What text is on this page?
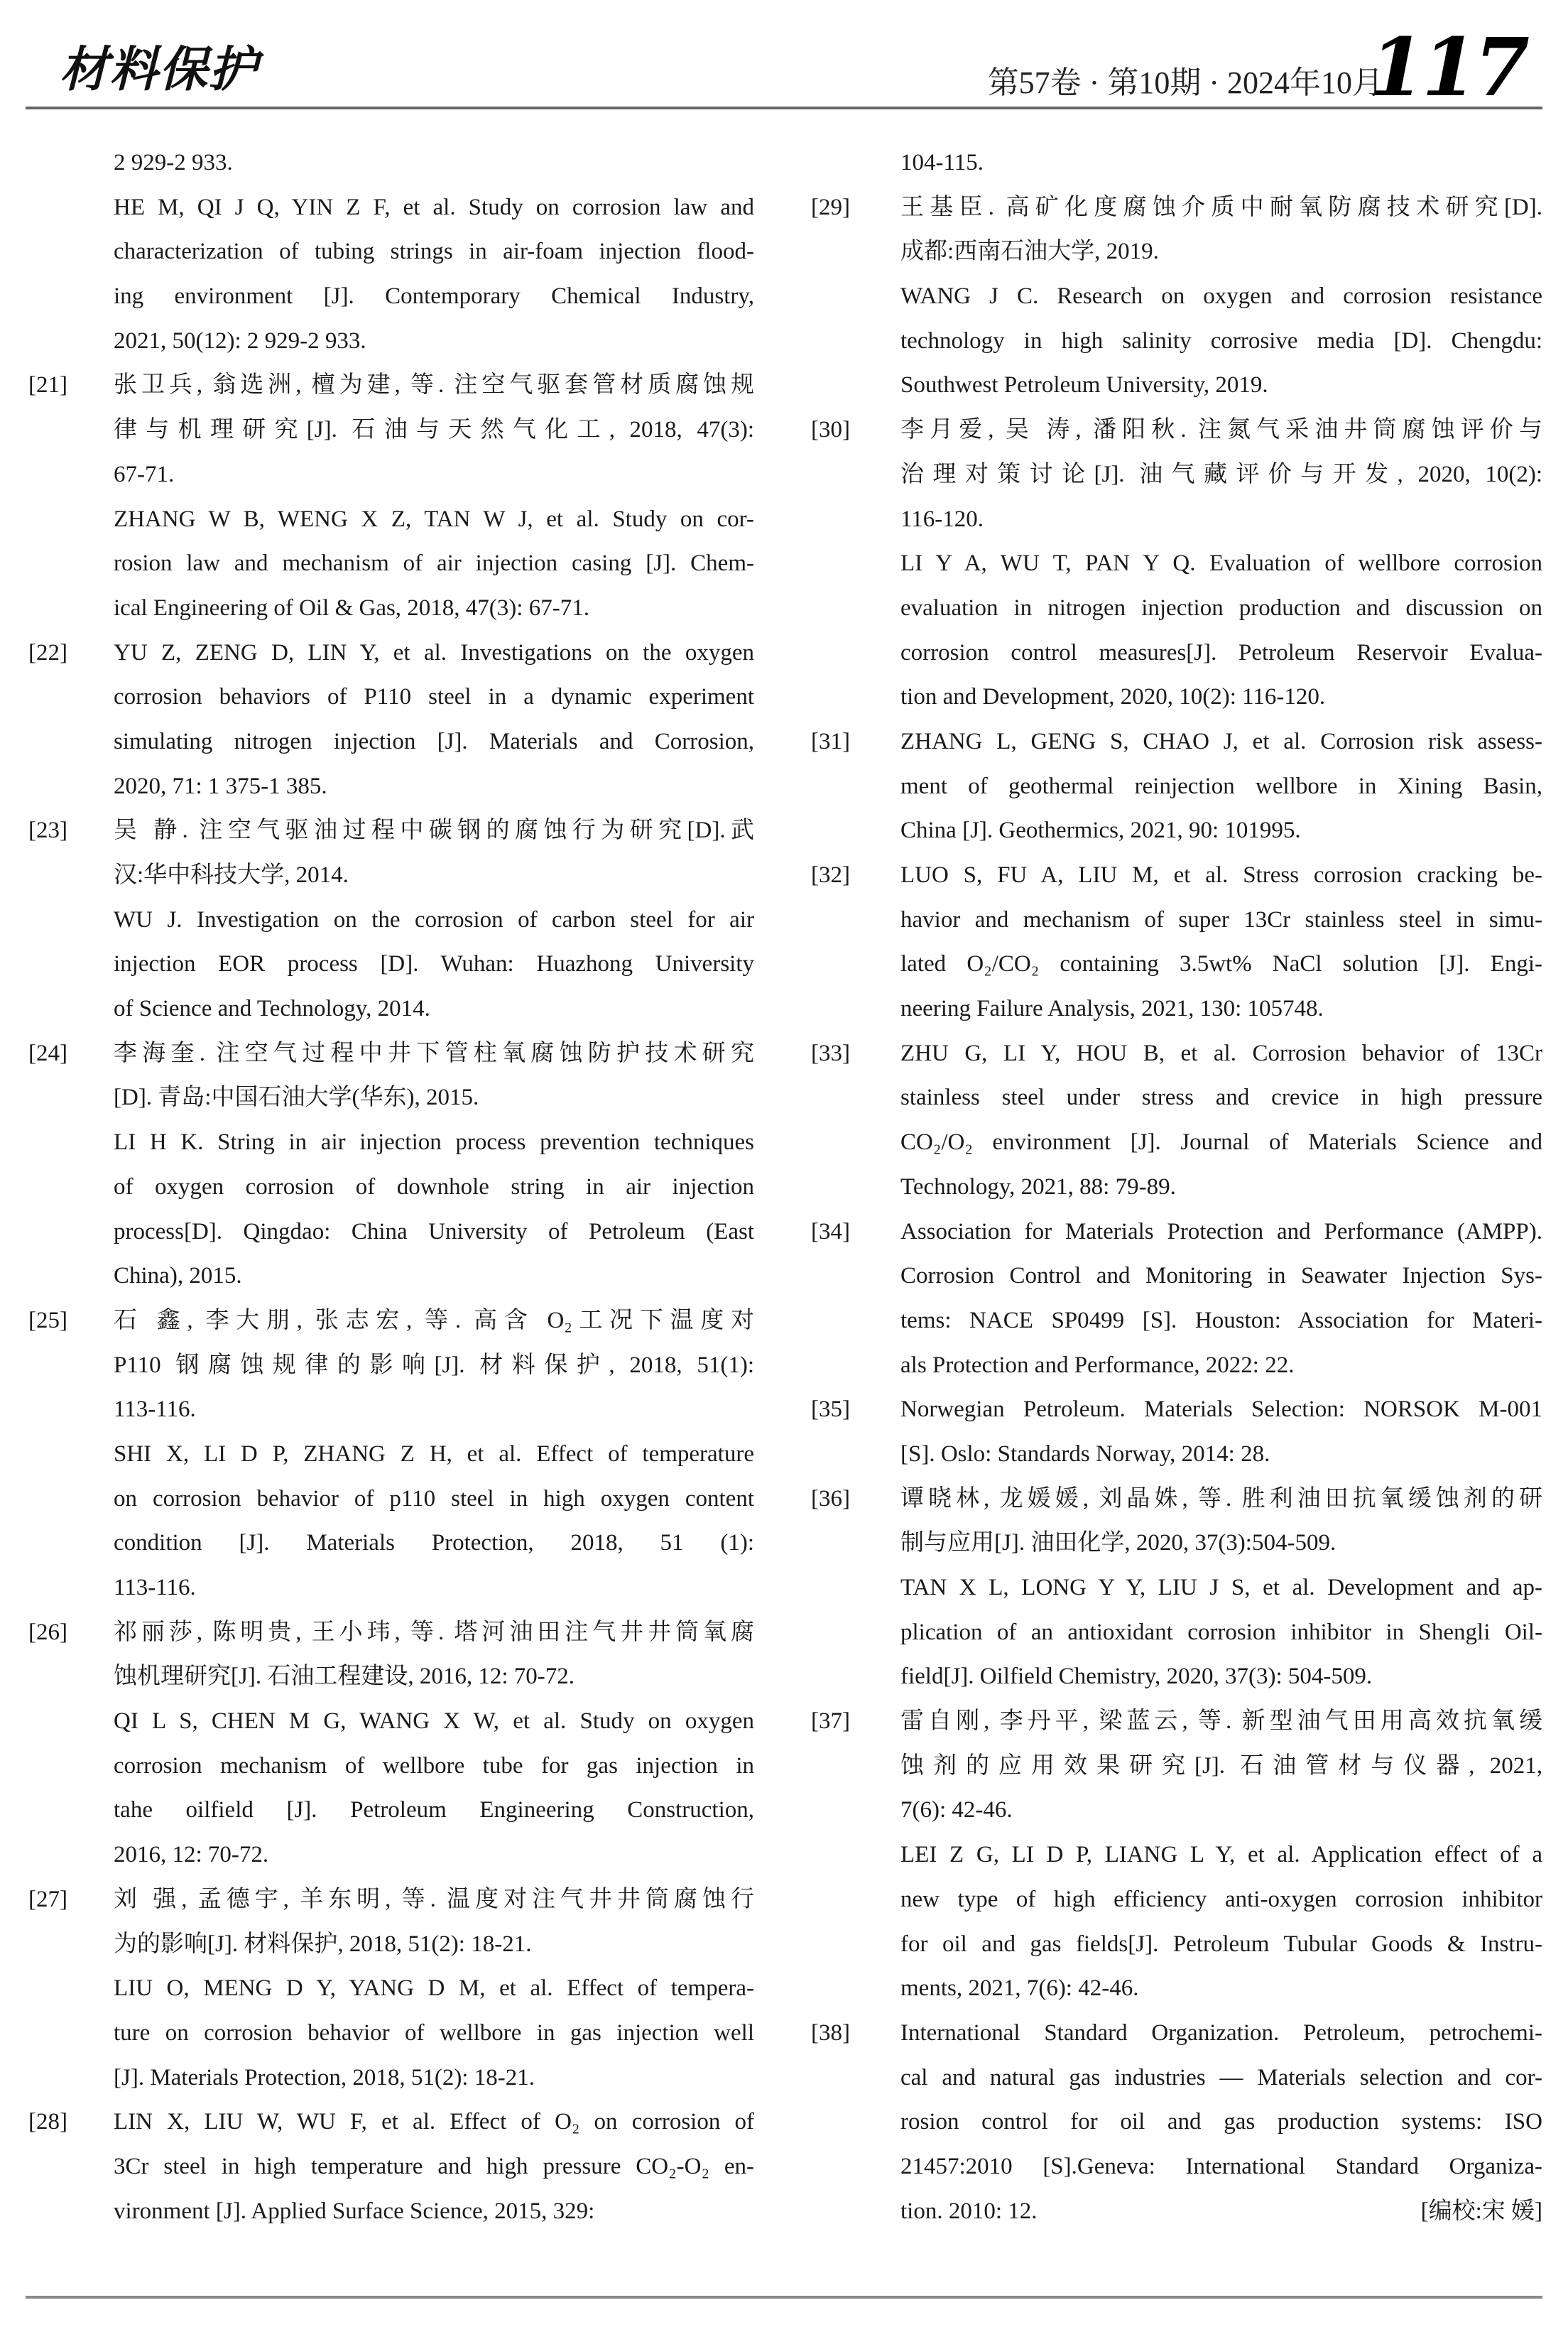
材料保护	第57卷 · 第10期 · 2024年10月
117
2 929-2 933.
HE M, QI J Q, YIN Z F, et al. Study on corrosion law and
characterization of tubing strings in air-foam injection flood-
ing environment [J]. Contemporary Chemical Industry,
2021, 50(12): 2 929-2 933.
[21]	张卫兵, 翁选洲, 檀为建, 等. 注空气驱套管材质腐蚀规
律与机理研究[J]. 石油与天然气化工, 2018, 47(3):
67-71.
ZHANG W B, WENG X Z, TAN W J, et al. Study on cor-
rosion law and mechanism of air injection casing [J]. Chem-
ical Engineering of Oil & Gas, 2018, 47(3): 67-71.
[22]	YU Z, ZENG D, LIN Y, et al. Investigations on the oxygen
corrosion behaviors of P110 steel in a dynamic experiment
simulating nitrogen injection [J]. Materials and Corrosion,
2020, 71: 1 375-1 385.
[23]	吴 静. 注空气驱油过程中碳钢的腐蚀行为研究[D].武
汉:华中科技大学, 2014.
WU J. Investigation on the corrosion of carbon steel for air
injection EOR process [D]. Wuhan: Huazhong University
of Science and Technology, 2014.
[24]	李海奎. 注空气过程中井下管柱氧腐蚀防护技术研究
[D]. 青岛:中国石油大学(华东), 2015.
LI H K. String in air injection process prevention techniques
of oxygen corrosion of downhole string in air injection
process[D]. Qingdao: China University of Petroleum (East
China), 2015.
[25]	石 鑫, 李大朋, 张志宏, 等. 高含 O₂工况下温度对
P110 钢腐蚀规律的影响[J]. 材料保护, 2018, 51(1):
113-116.
SHI X, LI D P, ZHANG Z H, et al. Effect of temperature
on corrosion behavior of p110 steel in high oxygen content
condition [J]. Materials Protection, 2018, 51 (1):
113-116.
[26]	祁丽莎, 陈明贵, 王小玮, 等. 塔河油田注气井井筒氧腐
蚀机理研究[J]. 石油工程建设, 2016, 12: 70-72.
QI L S, CHEN M G, WANG X W, et al. Study on oxygen
corrosion mechanism of wellbore tube for gas injection in
tahe oilfield [J]. Petroleum Engineering Construction,
2016, 12: 70-72.
[27]	刘 强, 孟德宇, 羊东明, 等. 温度对注气井井筒腐蚀行
为的影响[J]. 材料保护, 2018, 51(2): 18-21.
LIU O, MENG D Y, YANG D M, et al. Effect of tempera-
ture on corrosion behavior of wellbore in gas injection well
[J]. Materials Protection, 2018, 51(2): 18-21.
[28]	LIN X, LIU W, WU F, et al. Effect of O₂ on corrosion of
3Cr steel in high temperature and high pressure CO₂-O₂ en-
vironment [J]. Applied Surface Science, 2015, 329:
104-115.
[29]	王基臣. 高矿化度腐蚀介质中耐氧防腐技术研究[D].
成都:西南石油大学, 2019.
WANG J C. Research on oxygen and corrosion resistance
technology in high salinity corrosive media [D]. Chengdu:
Southwest Petroleum University, 2019.
[30]	李月爱, 吴 涛, 潘阳秋. 注氮气采油井筒腐蚀评价与
治理对策讨论[J]. 油气藏评价与开发, 2020, 10(2):
116-120.
LI Y A, WU T, PAN Y Q. Evaluation of wellbore corrosion
evaluation in nitrogen injection production and discussion on
corrosion control measures[J]. Petroleum Reservoir Evalua-
tion and Development, 2020, 10(2): 116-120.
[31]	ZHANG L, GENG S, CHAO J, et al. Corrosion risk assess-
ment of geothermal reinjection wellbore in Xining Basin,
China [J]. Geothermics, 2021, 90: 101995.
[32]	LUO S, FU A, LIU M, et al. Stress corrosion cracking be-
havior and mechanism of super 13Cr stainless steel in simu-
lated O₂/CO₂ containing 3.5wt% NaCl solution [J]. Engi-
neering Failure Analysis, 2021, 130: 105748.
[33]	ZHU G, LI Y, HOU B, et al. Corrosion behavior of 13Cr
stainless steel under stress and crevice in high pressure
CO₂/O₂ environment [J]. Journal of Materials Science and
Technology, 2021, 88: 79-89.
[34]	Association for Materials Protection and Performance (AMPP).
Corrosion Control and Monitoring in Seawater Injection Sys-
tems: NACE SP0499 [S]. Houston: Association for Materi-
als Protection and Performance, 2022: 22.
[35]	Norwegian Petroleum. Materials Selection: NORSOK M-001
[S]. Oslo: Standards Norway, 2014: 28.
[36]	谭晓林, 龙媛媛, 刘晶姝, 等. 胜利油田抗氧缓蚀剂的研
制与应用[J]. 油田化学, 2020, 37(3):504-509.
TAN X L, LONG Y Y, LIU J S, et al. Development and ap-
plication of an antioxidant corrosion inhibitor in Shengli Oil-
field[J]. Oilfield Chemistry, 2020, 37(3): 504-509.
[37]	雷自刚, 李丹平, 梁蓝云, 等. 新型油气田用高效抗氧缓
蚀剂的应用效果研究[J]. 石油管材与仪器, 2021,
7(6): 42-46.
LEI Z G, LI D P, LIANG L Y, et al. Application effect of a
new type of high efficiency anti-oxygen corrosion inhibitor
for oil and gas fields[J]. Petroleum Tubular Goods & Instru-
ments, 2021, 7(6): 42-46.
[38]	International Standard Organization. Petroleum, petrochemi-
cal and natural gas industries — Materials selection and cor-
rosion control for oil and gas production systems: ISO
21457:2010 [S].Geneva: International Standard Organiza-
tion. 2010: 12.	[编校:宋 媛]
